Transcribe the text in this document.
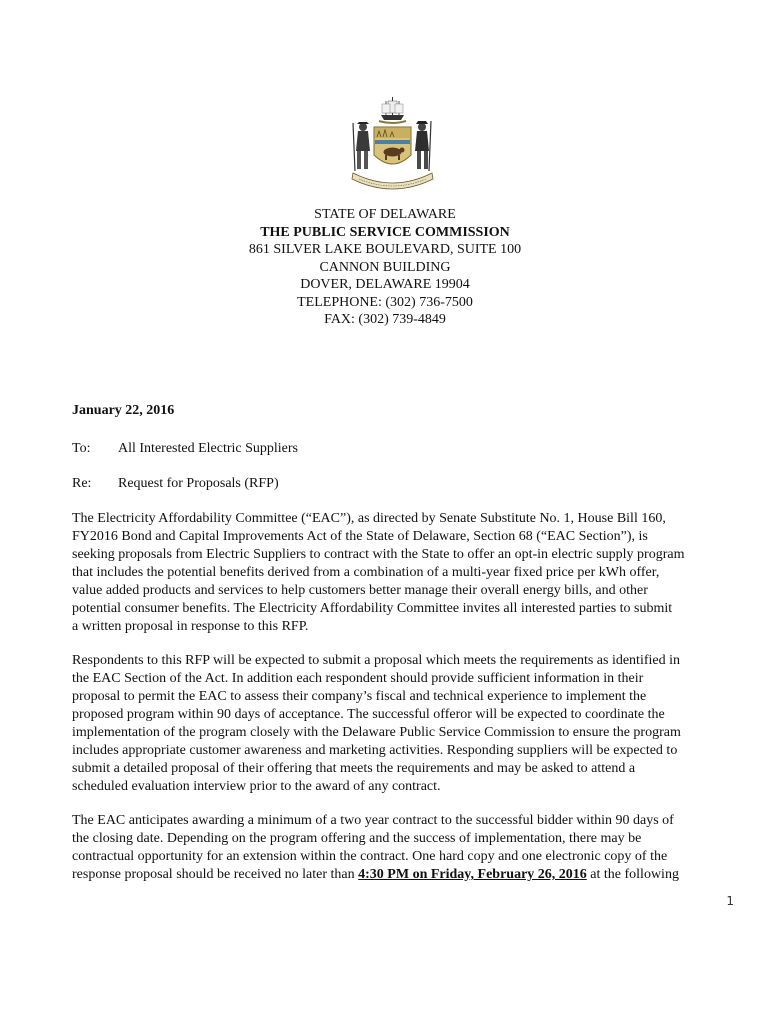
STATE OF DELAWARE
THE PUBLIC SERVICE COMMISSION
861 SILVER LAKE BOULEVARD, SUITE 100
CANNON BUILDING
DOVER, DELAWARE 19904
TELEPHONE: (302) 736-7500
FAX: (302) 739-4849
January 22, 2016
To: All Interested Electric Suppliers
Re: Request for Proposals (RFP)

The Electricity Affordability Committee (“EAC”), as directed by Senate Substitute No. 1, House Bill 160,
FY2016 Bond and Capital Improvements Act of the State of Delaware, Section 68 (“EAC Section”), is
seeking proposals from Electric Suppliers to contract with the State to offer an opt-in electric supply program
that includes the potential benefits derived from a combination of a multi-year fixed price per kWh offer,
value added products and services to help customers better manage their overall energy bills, and other
potential consumer benefits. The Electricity Affordability Committee invites all interested parties to submit
a written proposal in response to this RFP.

Respondents to this RFP will be expected to submit a proposal which meets the requirements as identified in
the EAC Section of the Act. In addition each respondent should provide sufficient information in their
proposal to permit the EAC to assess their company’s fiscal and technical experience to implement the
proposed program within 90 days of acceptance. The successful offeror will be expected to coordinate the
implementation of the program closely with the Delaware Public Service Commission to ensure the program
includes appropriate customer awareness and marketing activities. Responding suppliers will be expected to
submit a detailed proposal of their offering that meets the requirements and may be asked to attend a
scheduled evaluation interview prior to the award of any contract.

The EAC anticipates awarding a minimum of a two year contract to the successful bidder within 90 days of
the closing date. Depending on the program offering and the success of implementation, there may be
contractual opportunity for an extension within the contract. One hard copy and one electronic copy of the
response proposal should be received no later than 4:30 PM on Friday, February 26, 2016 at the following

1
